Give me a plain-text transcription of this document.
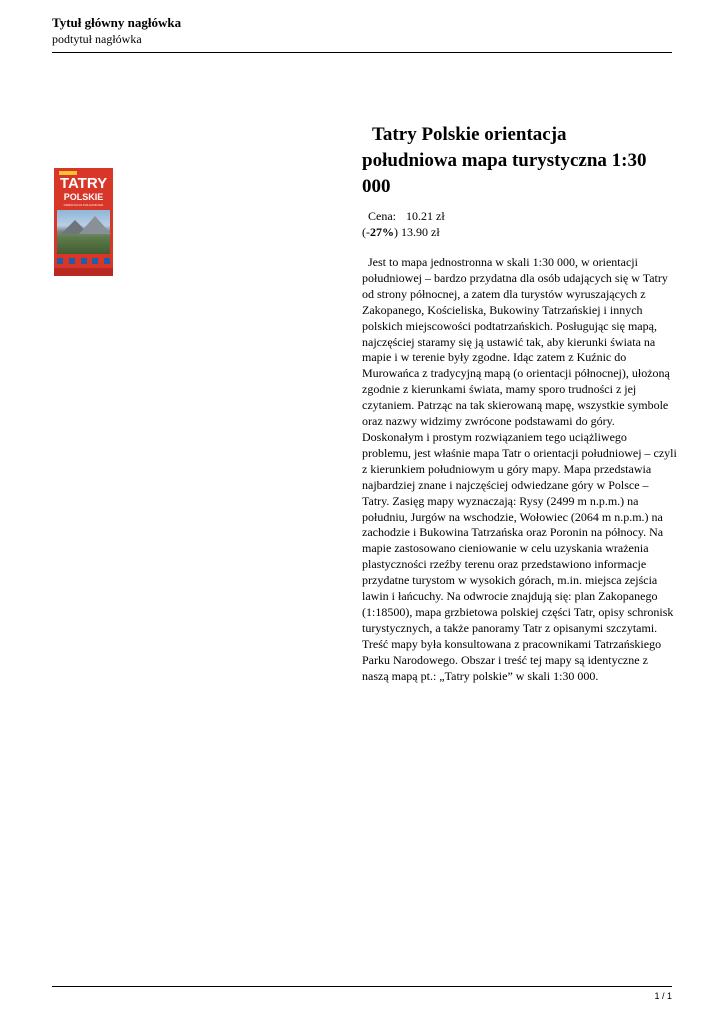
Tytuł główny nagłówka
podtytuł nagłówka
TATRY
POLSKIE
ORIENTACJA POŁUDNIOWA
Tatry Polskie orientacja południowa mapa turystyczna 1:30 000
Cena: 10.21 zł
(-27%) 13.90 zł

Jest to mapa jednostronna w skali 1:30 000, w orientacji południowej – bardzo przydatna dla osób udających się w Tatry od strony północnej, a zatem dla turystów wyruszających z Zakopanego, Kościeliska, Bukowiny Tatrzańskiej i innych polskich miejscowości podtatrzańskich. Posługując się mapą, najczęściej staramy się ją ustawić tak, aby kierunki świata na mapie i w terenie były zgodne. Idąc zatem z Kuźnic do Murowańca z tradycyjną mapą (o orientacji północnej), ułożoną zgodnie z kierunkami świata, mamy sporo trudności z jej czytaniem. Patrząc na tak skierowaną mapę, wszystkie symbole oraz nazwy widzimy zwrócone podstawami do góry. Doskonałym i prostym rozwiązaniem tego uciążliwego problemu, jest właśnie mapa Tatr o orientacji południowej – czyli z kierunkiem południowym u góry mapy. Mapa przedstawia najbardziej znane i najczęściej odwiedzane góry w Polsce – Tatry. Zasięg mapy wyznaczają: Rysy (2499 m n.p.m.) na południu, Jurgów na wschodzie, Wołowiec (2064 m n.p.m.) na zachodzie i Bukowina Tatrzańska oraz Poronin na północy. Na mapie zastosowano cieniowanie w celu uzyskania wrażenia plastyczności rzeźby terenu oraz przedstawiono informacje przydatne turystom w wysokich górach, m.in. miejsca zejścia lawin i łańcuchy. Na odwrocie znajdują się: plan Zakopanego (1:18500), mapa grzbietowa polskiej części Tatr, opisy schronisk turystycznych, a także panoramy Tatr z opisanymi szczytami. Treść mapy była konsultowana z pracownikami Tatrzańskiego Parku Narodowego. Obszar i treść tej mapy są identyczne z naszą mapą pt.: „Tatry polskie” w skali 1:30 000.

1 / 1
